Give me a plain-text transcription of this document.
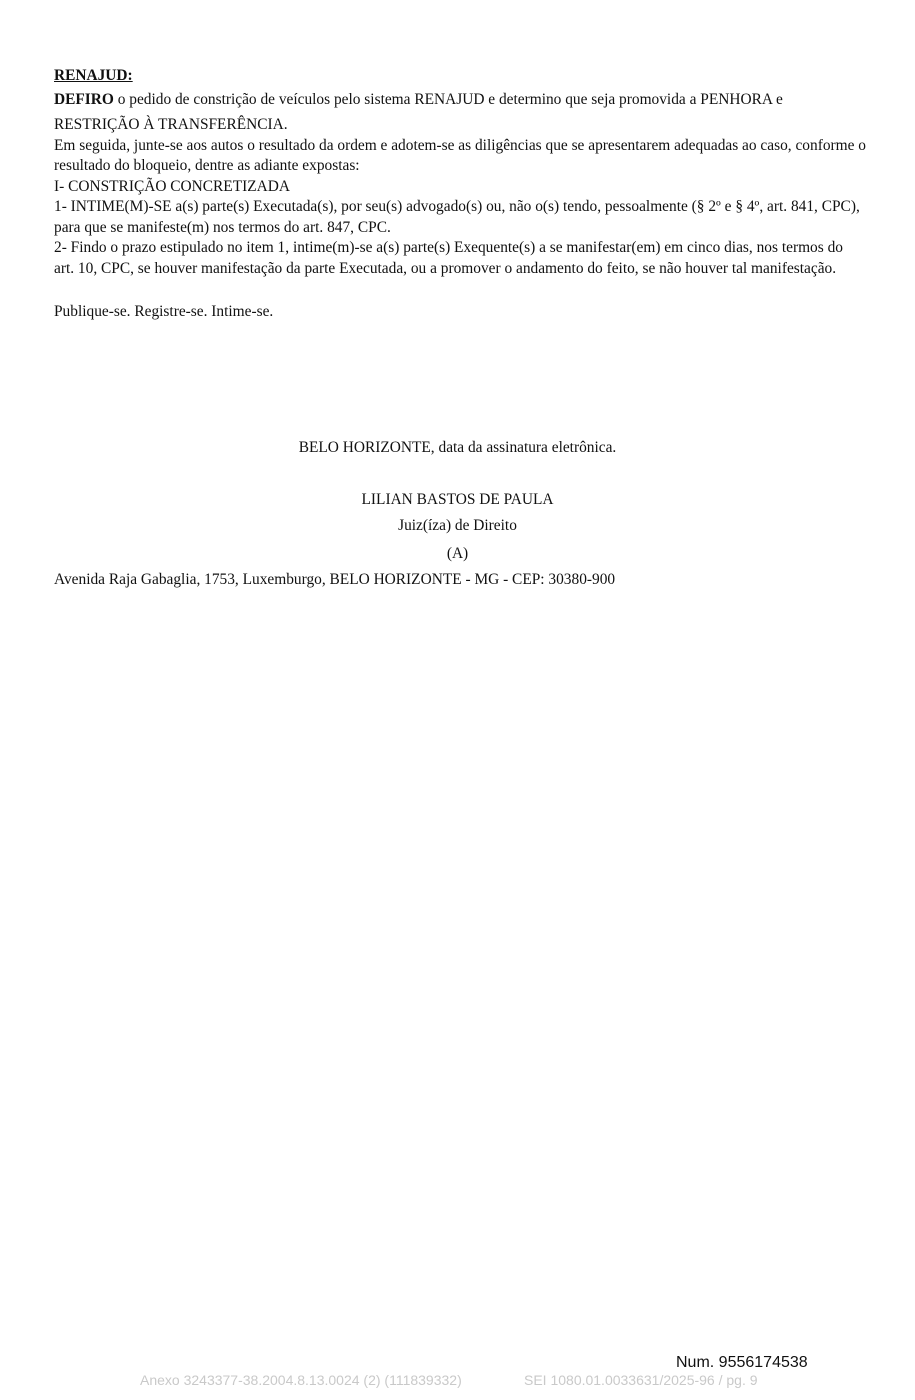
RENAJUD:

DEFIRO o pedido de constrição de veículos pelo sistema RENAJUD e determino que seja promovida a PENHORA e

RESTRIÇÃO À TRANSFERÊNCIA.

Em seguida, junte-se aos autos o resultado da ordem e adotem-se as diligências que se apresentarem adequadas ao caso, conforme o resultado do bloqueio, dentre as adiante expostas:

I- CONSTRIÇÃO CONCRETIZADA

1- INTIME(M)-SE a(s) parte(s) Executada(s), por seu(s) advogado(s) ou, não o(s) tendo, pessoalmente (§ 2º e § 4º, art. 841, CPC), para que se manifeste(m) nos termos do art. 847, CPC.

2- Findo o prazo estipulado no item 1, intime(m)-se a(s) parte(s) Exequente(s) a se manifestar(em) em cinco dias, nos termos do art. 10, CPC, se houver manifestação da parte Executada, ou a promover o andamento do feito, se não houver tal manifestação.

Publique-se. Registre-se. Intime-se.

BELO HORIZONTE, data da assinatura eletrônica.
LILIAN BASTOS DE PAULA
Juiz(íza) de Direito
(A)
Avenida Raja Gabaglia, 1753, Luxemburgo, BELO HORIZONTE - MG - CEP: 30380-900
Num. 9556174538
Anexo 3243377-38.2004.8.13.0024 (2) (111839332)	SEI 1080.01.0033631/2025-96 / pg. 9
